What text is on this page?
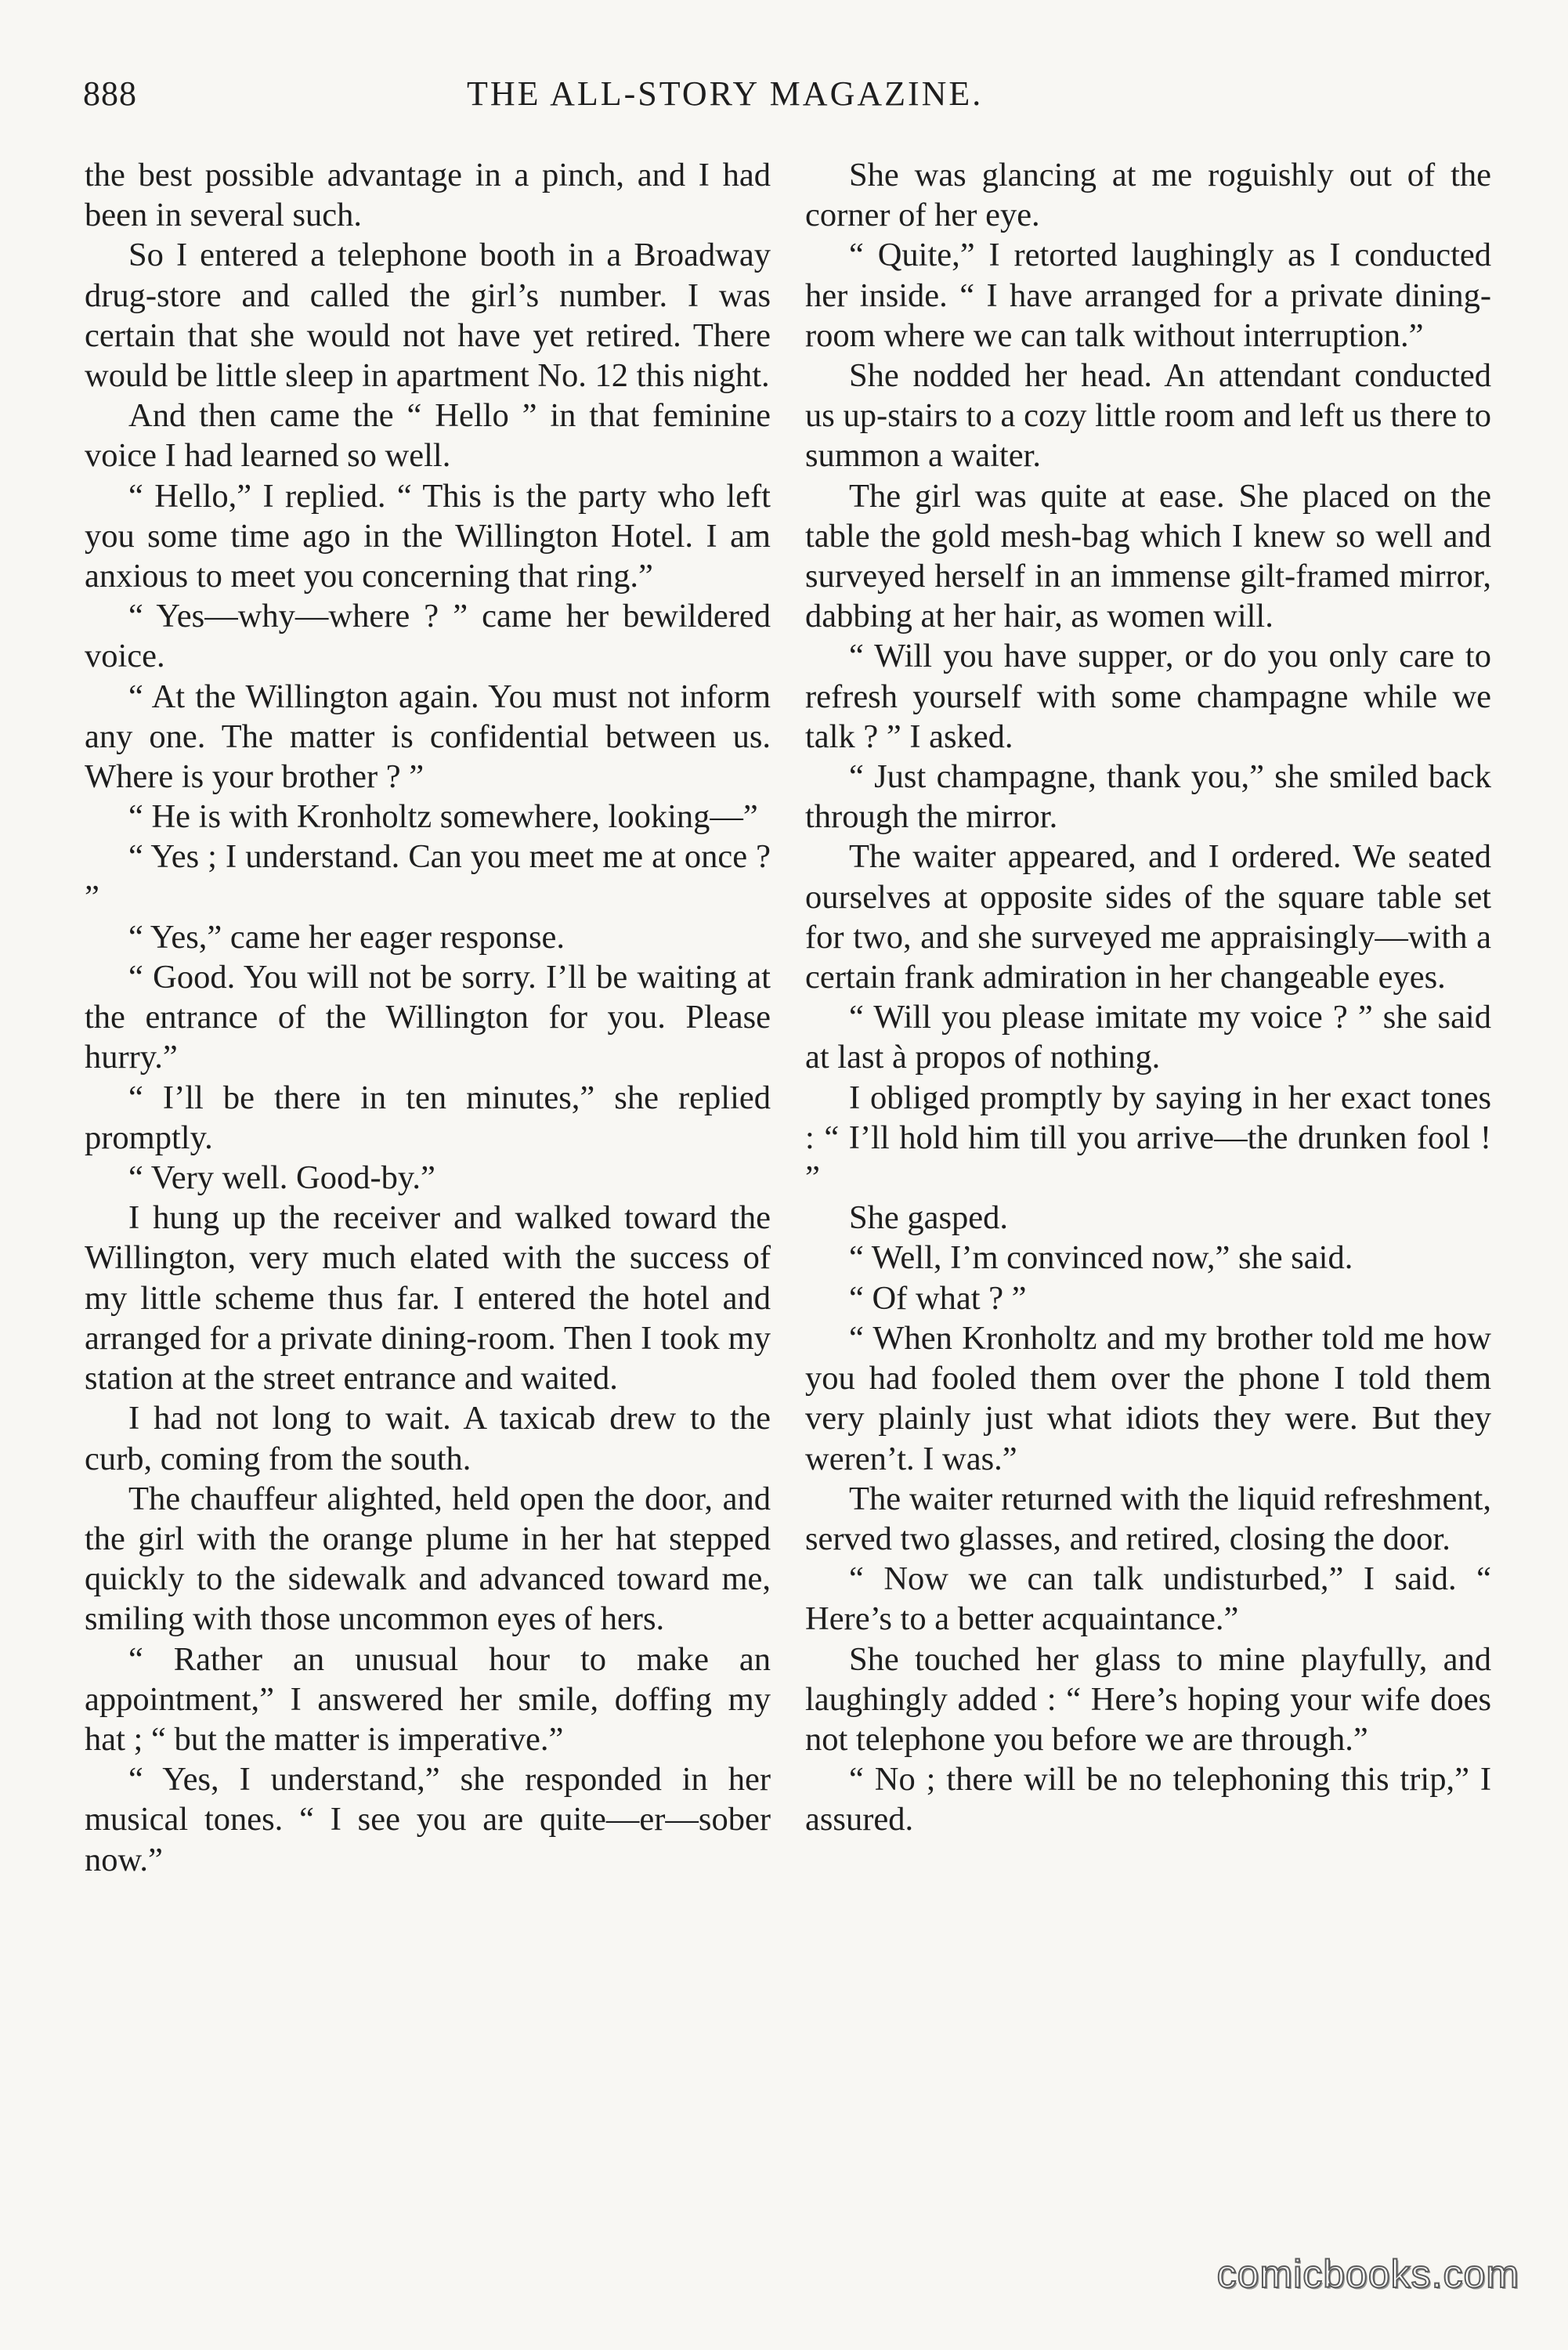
888	THE ALL-STORY MAGAZINE.

the best possible advantage in a pinch, and I had been in several such.

So I entered a telephone booth in a Broadway drug-store and called the girl’s number. I was certain that she would not have yet retired. There would be little sleep in apartment No. 12 this night.

And then came the “ Hello ” in that feminine voice I had learned so well.

“ Hello,” I replied. “ This is the party who left you some time ago in the Willington Hotel. I am anxious to meet you concerning that ring.”

“ Yes—why—where ? ” came her bewildered voice.

“ At the Willington again. You must not inform any one. The matter is confidential between us. Where is your brother ? ”

“ He is with Kronholtz somewhere, looking—”

“ Yes ; I understand. Can you meet me at once ? ”

“ Yes,” came her eager response.

“ Good. You will not be sorry. I’ll be waiting at the entrance of the Willington for you. Please hurry.”

“ I’ll be there in ten minutes,” she replied promptly.

“ Very well. Good-by.”

I hung up the receiver and walked toward the Willington, very much elated with the success of my little scheme thus far. I entered the hotel and arranged for a private dining-room. Then I took my station at the street entrance and waited.

I had not long to wait. A taxicab drew to the curb, coming from the south.

The chauffeur alighted, held open the door, and the girl with the orange plume in her hat stepped quickly to the sidewalk and advanced toward me, smiling with those uncommon eyes of hers.

“ Rather an unusual hour to make an appointment,” I answered her smile, doffing my hat ; “ but the matter is imperative.”

“ Yes, I understand,” she responded in her musical tones. “ I see you are quite—er—sober now.”

She was glancing at me roguishly out of the corner of her eye.

“ Quite,” I retorted laughingly as I conducted her inside. “ I have arranged for a private dining-room where we can talk without interruption.”

She nodded her head. An attendant conducted us up-stairs to a cozy little room and left us there to summon a waiter.

The girl was quite at ease. She placed on the table the gold mesh-bag which I knew so well and surveyed herself in an immense gilt-framed mirror, dabbing at her hair, as women will.

“ Will you have supper, or do you only care to refresh yourself with some champagne while we talk ? ” I asked.

“ Just champagne, thank you,” she smiled back through the mirror.

The waiter appeared, and I ordered. We seated ourselves at opposite sides of the square table set for two, and she surveyed me appraisingly—with a certain frank admiration in her changeable eyes.

“ Will you please imitate my voice ? ” she said at last à propos of nothing.

I obliged promptly by saying in her exact tones : “ I’ll hold him till you arrive—the drunken fool ! ”

She gasped.

“ Well, I’m convinced now,” she said.

“ Of what ? ”

“ When Kronholtz and my brother told me how you had fooled them over the phone I told them very plainly just what idiots they were. But they weren’t. I was.”

The waiter returned with the liquid refreshment, served two glasses, and retired, closing the door.

“ Now we can talk undisturbed,” I said. “ Here’s to a better acquaintance.”

She touched her glass to mine playfully, and laughingly added : “ Here’s hoping your wife does not telephone you before we are through.”

“ No ; there will be no telephoning this trip,” I assured.

comicbooks.com
